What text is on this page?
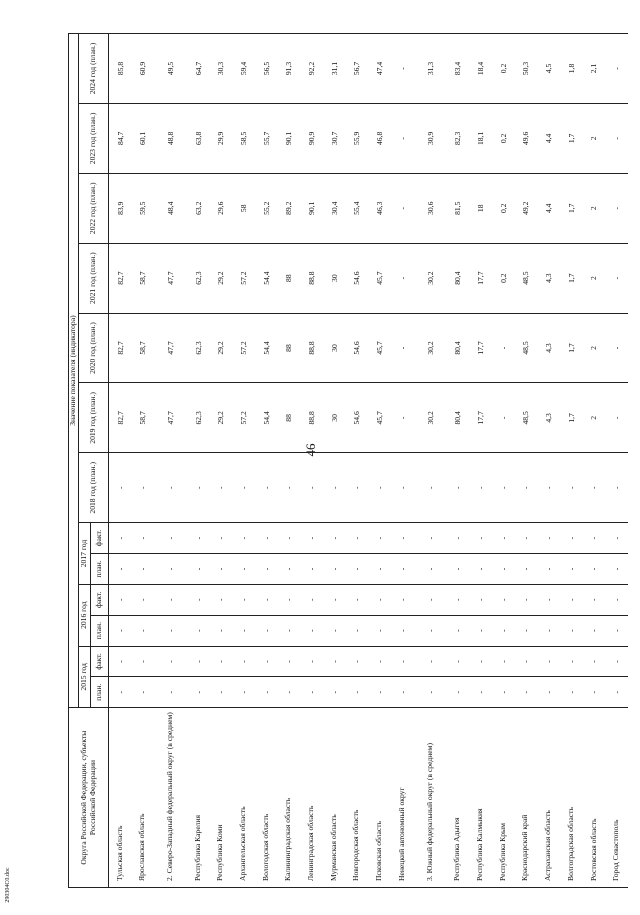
46
290304С0.doc
Округа Российской Федерации, субъекты Российской Федерации	Значение показателя (индикатора)												
	2015 год		2016 год		2017 год		2018 год (план.)	2019 год (план.)	2020 год (план.)	2021 год (план.)	2022 год (план.)	2023 год (план.)	2024 год (план.)
	план.	факт.	план.	факт.	план.	факт.							
Тульская область	-	-	-	-	-	-	-	82,7	82,7	82,7	83,9	84,7	85,8
Ярославская область	-	-	-	-	-	-	-	58,7	58,7	58,7	59,5	60,1	60,9
2. Северо-Западный федеральный округ (в среднем)	-	-	-	-	-	-	-	47,7	47,7	47,7	48,4	48,8	49,5
Республика Карелия	-	-	-	-	-	-	-	62,3	62,3	62,3	63,2	63,8	64,7
Республика Коми	-	-	-	-	-	-	-	29,2	29,2	29,2	29,6	29,9	30,3
Архангельская область	-	-	-	-	-	-	-	57,2	57,2	57,2	58	58,5	59,4
Вологодская область	-	-	-	-	-	-	-	54,4	54,4	54,4	55,2	55,7	56,5
Калининградская область	-	-	-	-	-	-	-	88	88	88	89,2	90,1	91,3
Ленинградская область	-	-	-	-	-	-	-	88,8	88,8	88,8	90,1	90,9	92,2
Мурманская область	-	-	-	-	-	-	-	30	30	30	30,4	30,7	31,1
Новгородская область	-	-	-	-	-	-	-	54,6	54,6	54,6	55,4	55,9	56,7
Псковская область	-	-	-	-	-	-	-	45,7	45,7	45,7	46,3	46,8	47,4
Ненецкий автономный округ	-	-	-	-	-	-	-	-	-	-	-	-	-
3. Южный федеральный округ (в среднем)	-	-	-	-	-	-	-	30,2	30,2	30,2	30,6	30,9	31,3
Республика Адыгея	-	-	-	-	-	-	-	80,4	80,4	80,4	81,5	82,3	83,4
Республика Калмыкия	-	-	-	-	-	-	-	17,7	17,7	17,7	18	18,1	18,4
Республика Крым	-	-	-	-	-	-	-	-	-	0,2	0,2	0,2	0,2
Краснодарский край	-	-	-	-	-	-	-	48,5	48,5	48,5	49,2	49,6	50,3
Астраханская область	-	-	-	-	-	-	-	4,3	4,3	4,3	4,4	4,4	4,5
Волгоградская область	-	-	-	-	-	-	-	1,7	1,7	1,7	1,7	1,7	1,8
Ростовская область	-	-	-	-	-	-	-	2	2	2	2	2	2,1
Город Севастополь	-	-	-	-	-	-	-	-	-	-	-	-	-
